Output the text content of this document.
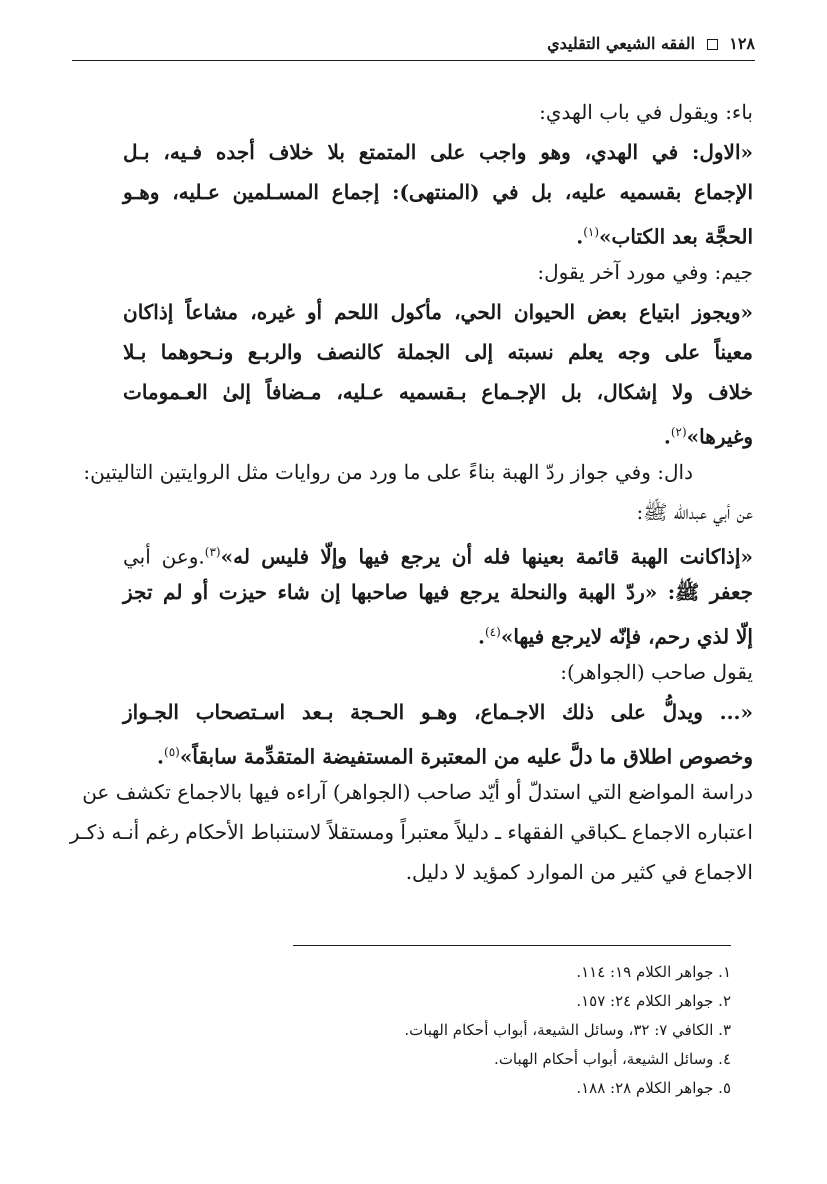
١٢٨  الفقه الشيعي التقليدي
باء: ويقول في باب الهدي:
«الاول: في الهدي، وهو واجب على المتمتع بلا خلاف أجده فـيه، بـل
الإجماع بقسميه عليه، بل في (المنتهى): إجماع المسـلمين عـليه، وهـو
الحجَّة بعد الكتاب»$^{(١)}$.
جيم: وفي مورد آخر يقول:
«ويجوز ابتياع بعض الحيوان الحي، مأكول اللحم أو غيره، مشاعاً إذاكان
معيناً على وجه يعلم نسبته إلى الجملة كالنصف والربـع ونـحوهما بـلا
خلاف ولا إشكال، بل الإجـماع بـقسميه عـليه، مـضافاً إلىٰ العـمومات
وغيرها»$^{(٢)}$.
دال: وفي جواز ردّ الهبة بناءً على ما ورد من روايات مثل الروايتين التاليتين:
عن أبي عبدالله ﷺ:
«إذاكانت الهبة قائمة بعينها فله أن يرجع فيها وإلّا فليس له»$^{(٣)}$.وعن أبي
جعفر ﷺ: «ردّ الهبة والنحلة يرجع فيها صاحبها إن شاء حيزت أو لم تجز
إلّا لذي رحم، فإنّه لايرجع فيها»$^{(٤)}$.
يقول صاحب (الجواهر):
«... ويدلُّ على ذلك الاجـماع، وهـو الحـجة بـعد اسـتصحاب الجـواز
وخصوص اطلاق ما دلَّ عليه من المعتبرة المستفيضة المتقدِّمة سابقاً»$^{(٥)}$.
دراسة المواضع التي استدلّ أو أيّد صاحب (الجواهر) آراءه فيها بالاجماع تكشف عن
اعتباره الاجماع ـكباقي الفقهاء ـ دليلاً معتبراً ومستقلاً لاستنباط الأحكام رغم أنـه ذكـر
الاجماع في كثير من الموارد كمؤيد لا دليل.
١. جواهر الكلام ١٩: ١١٤.
٢. جواهر الكلام ٢٤: ١٥٧.
٣. الكافي ٧: ٣٢، وسائل الشيعة، أبواب أحكام الهبات.
٤. وسائل الشيعة، أبواب أحكام الهبات.
٥. جواهر الكلام ٢٨: ١٨٨.
